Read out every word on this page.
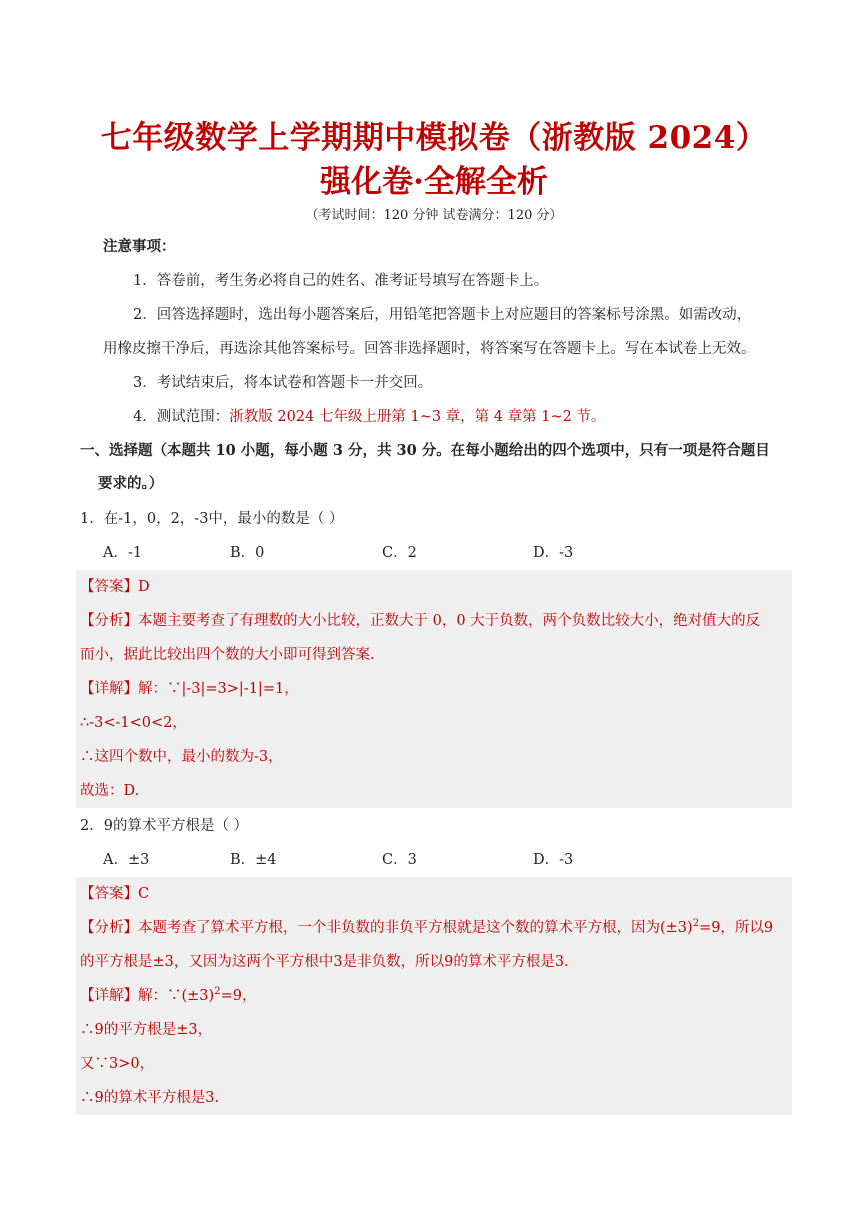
七年级数学上学期期中模拟卷（浙教版 2024）
强化卷·全解全析
（考试时间：120 分钟 试卷满分：120 分）
注意事项：
1．答卷前，考生务必将自己的姓名、准考证号填写在答题卡上。
2．回答选择题时，选出每小题答案后，用铅笔把答题卡上对应题目的答案标号涂黑。如需改动，
用橡皮擦干净后，再选涂其他答案标号。回答非选择题时，将答案写在答题卡上。写在本试卷上无效。
3．考试结束后，将本试卷和答题卡一并交回。
4．测试范围：浙教版 2024 七年级上册第 1~3 章，第 4 章第 1~2 节。
一、选择题（本题共 10 小题，每小题 3 分，共 30 分。在每小题给出的四个选项中，只有一项是符合题目
要求的。）
1．在-1，0，2，-3中，最小的数是（ ）
A．-1	B．0	C．2	D．-3
【答案】D
【分析】本题主要考查了有理数的大小比较，正数大于 0，0 大于负数，两个负数比较大小，绝对值大的反
而小，据此比较出四个数的大小即可得到答案.
【详解】解：∵|-3|=3>|-1|=1，
∴-3<-1<0<2，
∴这四个数中，最小的数为-3，
故选：D.
2．9的算术平方根是（ ）
A．±3	B．±4	C．3	D．-3
【答案】C
【分析】本题考查了算术平方根，一个非负数的非负平方根就是这个数的算术平方根，因为$(\pm 3)^2=9$，所以9
的平方根是±3，又因为这两个平方根中3是非负数，所以9的算术平方根是3.
【详解】解：$\because(\pm 3)^2=9$，
∴9的平方根是±3，
又∵3>0，
∴9的算术平方根是3.
